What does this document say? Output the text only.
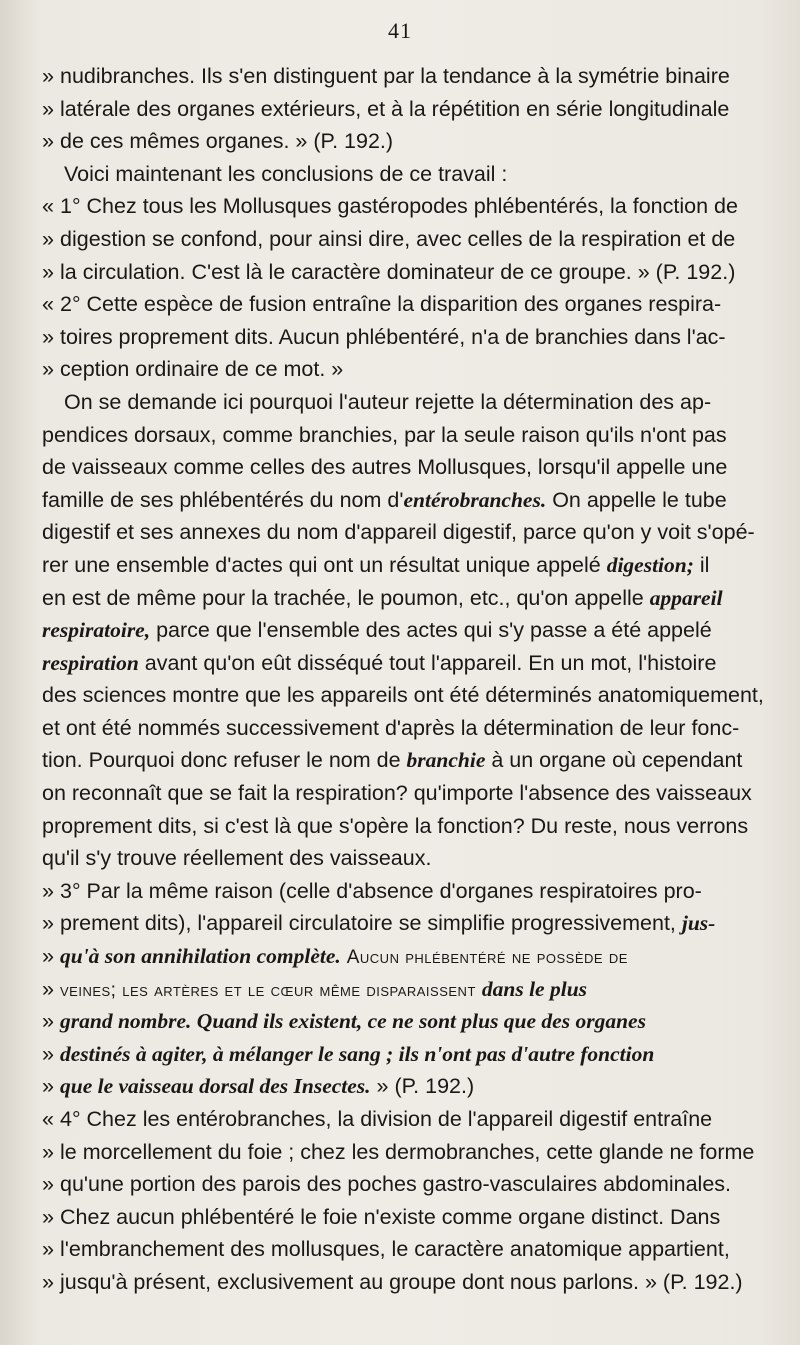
41
» nudibranches. Ils s'en distinguent par la tendance à la symétrie binaire
» latérale des organes extérieurs, et à la répétition en série longitudinale
» de ces mêmes organes. » (P. 192.)
Voici maintenant les conclusions de ce travail :
« 1° Chez tous les Mollusques gastéropodes phlébentérés, la fonction de
» digestion se confond, pour ainsi dire, avec celles de la respiration et de
» la circulation. C'est là le caractère dominateur de ce groupe. » (P. 192.)
« 2° Cette espèce de fusion entraîne la disparition des organes respira-
» toires proprement dits. Aucun phlébentéré, n'a de branchies dans l'ac-
» ception ordinaire de ce mot. »
On se demande ici pourquoi l'auteur rejette la détermination des ap-
pendices dorsaux, comme branchies, par la seule raison qu'ils n'ont pas
de vaisseaux comme celles des autres Mollusques, lorsqu'il appelle une
famille de ses phlébentérés du nom d'entérobranches. On appelle le tube
digestif et ses annexes du nom d'appareil digestif, parce qu'on y voit s'opé-
rer une ensemble d'actes qui ont un résultat unique appelé digestion; il
en est de même pour la trachée, le poumon, etc., qu'on appelle appareil
respiratoire, parce que l'ensemble des actes qui s'y passe a été appelé
respiration avant qu'on eût disséqué tout l'appareil. En un mot, l'histoire
des sciences montre que les appareils ont été déterminés anatomiquement,
et ont été nommés successivement d'après la détermination de leur fonc-
tion. Pourquoi donc refuser le nom de branchie à un organe où cependant
on reconnaît que se fait la respiration? qu'importe l'absence des vaisseaux
proprement dits, si c'est là que s'opère la fonction? Du reste, nous verrons
qu'il s'y trouve réellement des vaisseaux.
» 3° Par la même raison (celle d'absence d'organes respiratoires pro-
» prement dits), l'appareil circulatoire se simplifie progressivement, jus-
» qu'à son annihilation complète. Aucun phlébentéré ne possède de
» veines; les artères et le cœur même disparaissent dans le plus
» grand nombre. Quand ils existent, ce ne sont plus que des organes
» destinés à agiter, à mélanger le sang ; ils n'ont pas d'autre fonction
» que le vaisseau dorsal des Insectes. » (P. 192.)
« 4° Chez les entérobranches, la division de l'appareil digestif entraîne
» le morcellement du foie ; chez les dermobranches, cette glande ne forme
» qu'une portion des parois des poches gastro-vasculaires abdominales.
» Chez aucun phlébentéré le foie n'existe comme organe distinct. Dans
» l'embranchement des mollusques, le caractère anatomique appartient,
» jusqu'à présent, exclusivement au groupe dont nous parlons. » (P. 192.)
